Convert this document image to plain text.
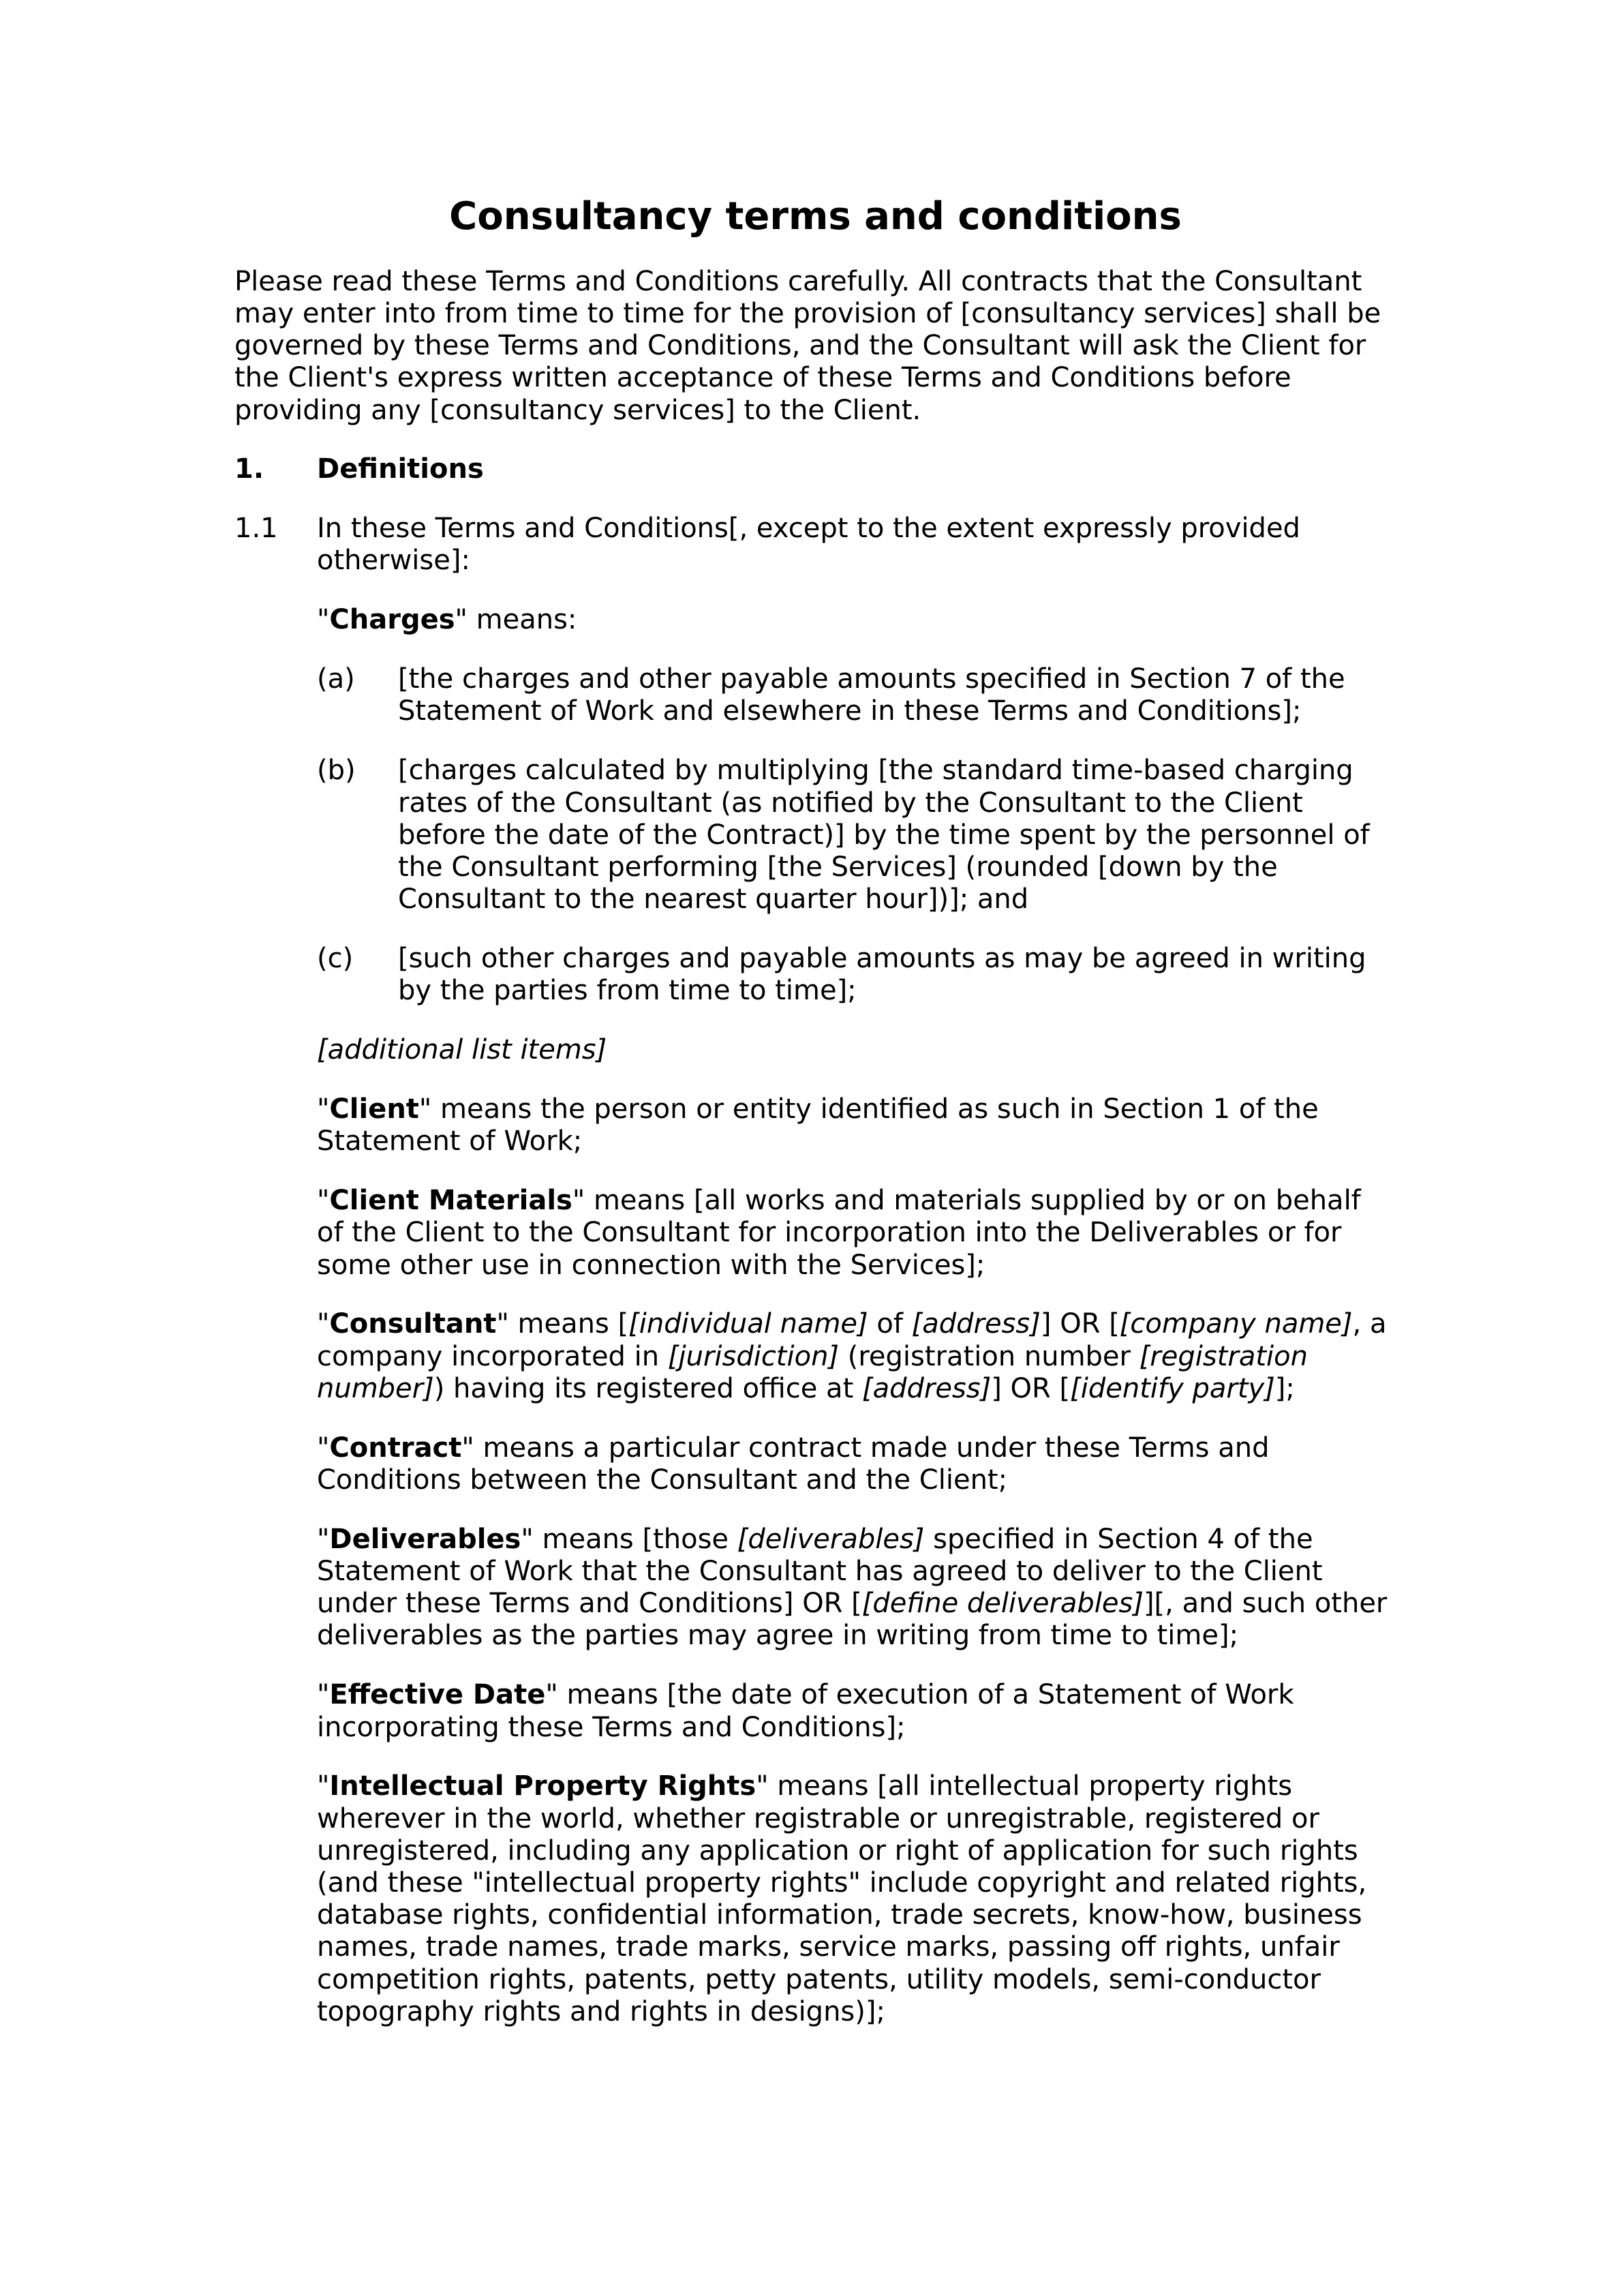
Consultancy terms and conditions

Please read these Terms and Conditions carefully. All contracts that the Consultant
may enter into from time to time for the provision of [consultancy services] shall be
governed by these Terms and Conditions, and the Consultant will ask the Client for
the Client's express written acceptance of these Terms and Conditions before
providing any [consultancy services] to the Client.

1.	Definitions
1.1	In these Terms and Conditions[, except to the extent expressly provided
otherwise]:

"Charges" means:

(a)	[the charges and other payable amounts specified in Section 7 of the
Statement of Work and elsewhere in these Terms and Conditions];
(b)	[charges calculated by multiplying [the standard time-based charging
rates of the Consultant (as notified by the Consultant to the Client
before the date of the Contract)] by the time spent by the personnel of
the Consultant performing [the Services] (rounded [down by the
Consultant to the nearest quarter hour])]; and
(c)	[such other charges and payable amounts as may be agreed in writing
by the parties from time to time];

[additional list items]

"Client" means the person or entity identified as such in Section 1 of the
Statement of Work;

"Client Materials" means [all works and materials supplied by or on behalf
of the Client to the Consultant for incorporation into the Deliverables or for
some other use in connection with the Services];

"Consultant" means [[individual name] of [address]] OR [[company name], a
company incorporated in [jurisdiction] (registration number [registration
number]) having its registered office at [address]] OR [[identify party]];

"Contract" means a particular contract made under these Terms and
Conditions between the Consultant and the Client;

"Deliverables" means [those [deliverables] specified in Section 4 of the
Statement of Work that the Consultant has agreed to deliver to the Client
under these Terms and Conditions] OR [[define deliverables]][, and such other
deliverables as the parties may agree in writing from time to time];

"Effective Date" means [the date of execution of a Statement of Work
incorporating these Terms and Conditions];

"Intellectual Property Rights" means [all intellectual property rights
wherever in the world, whether registrable or unregistrable, registered or
unregistered, including any application or right of application for such rights
(and these "intellectual property rights" include copyright and related rights,
database rights, confidential information, trade secrets, know-how, business
names, trade names, trade marks, service marks, passing off rights, unfair
competition rights, patents, petty patents, utility models, semi-conductor
topography rights and rights in designs)];
